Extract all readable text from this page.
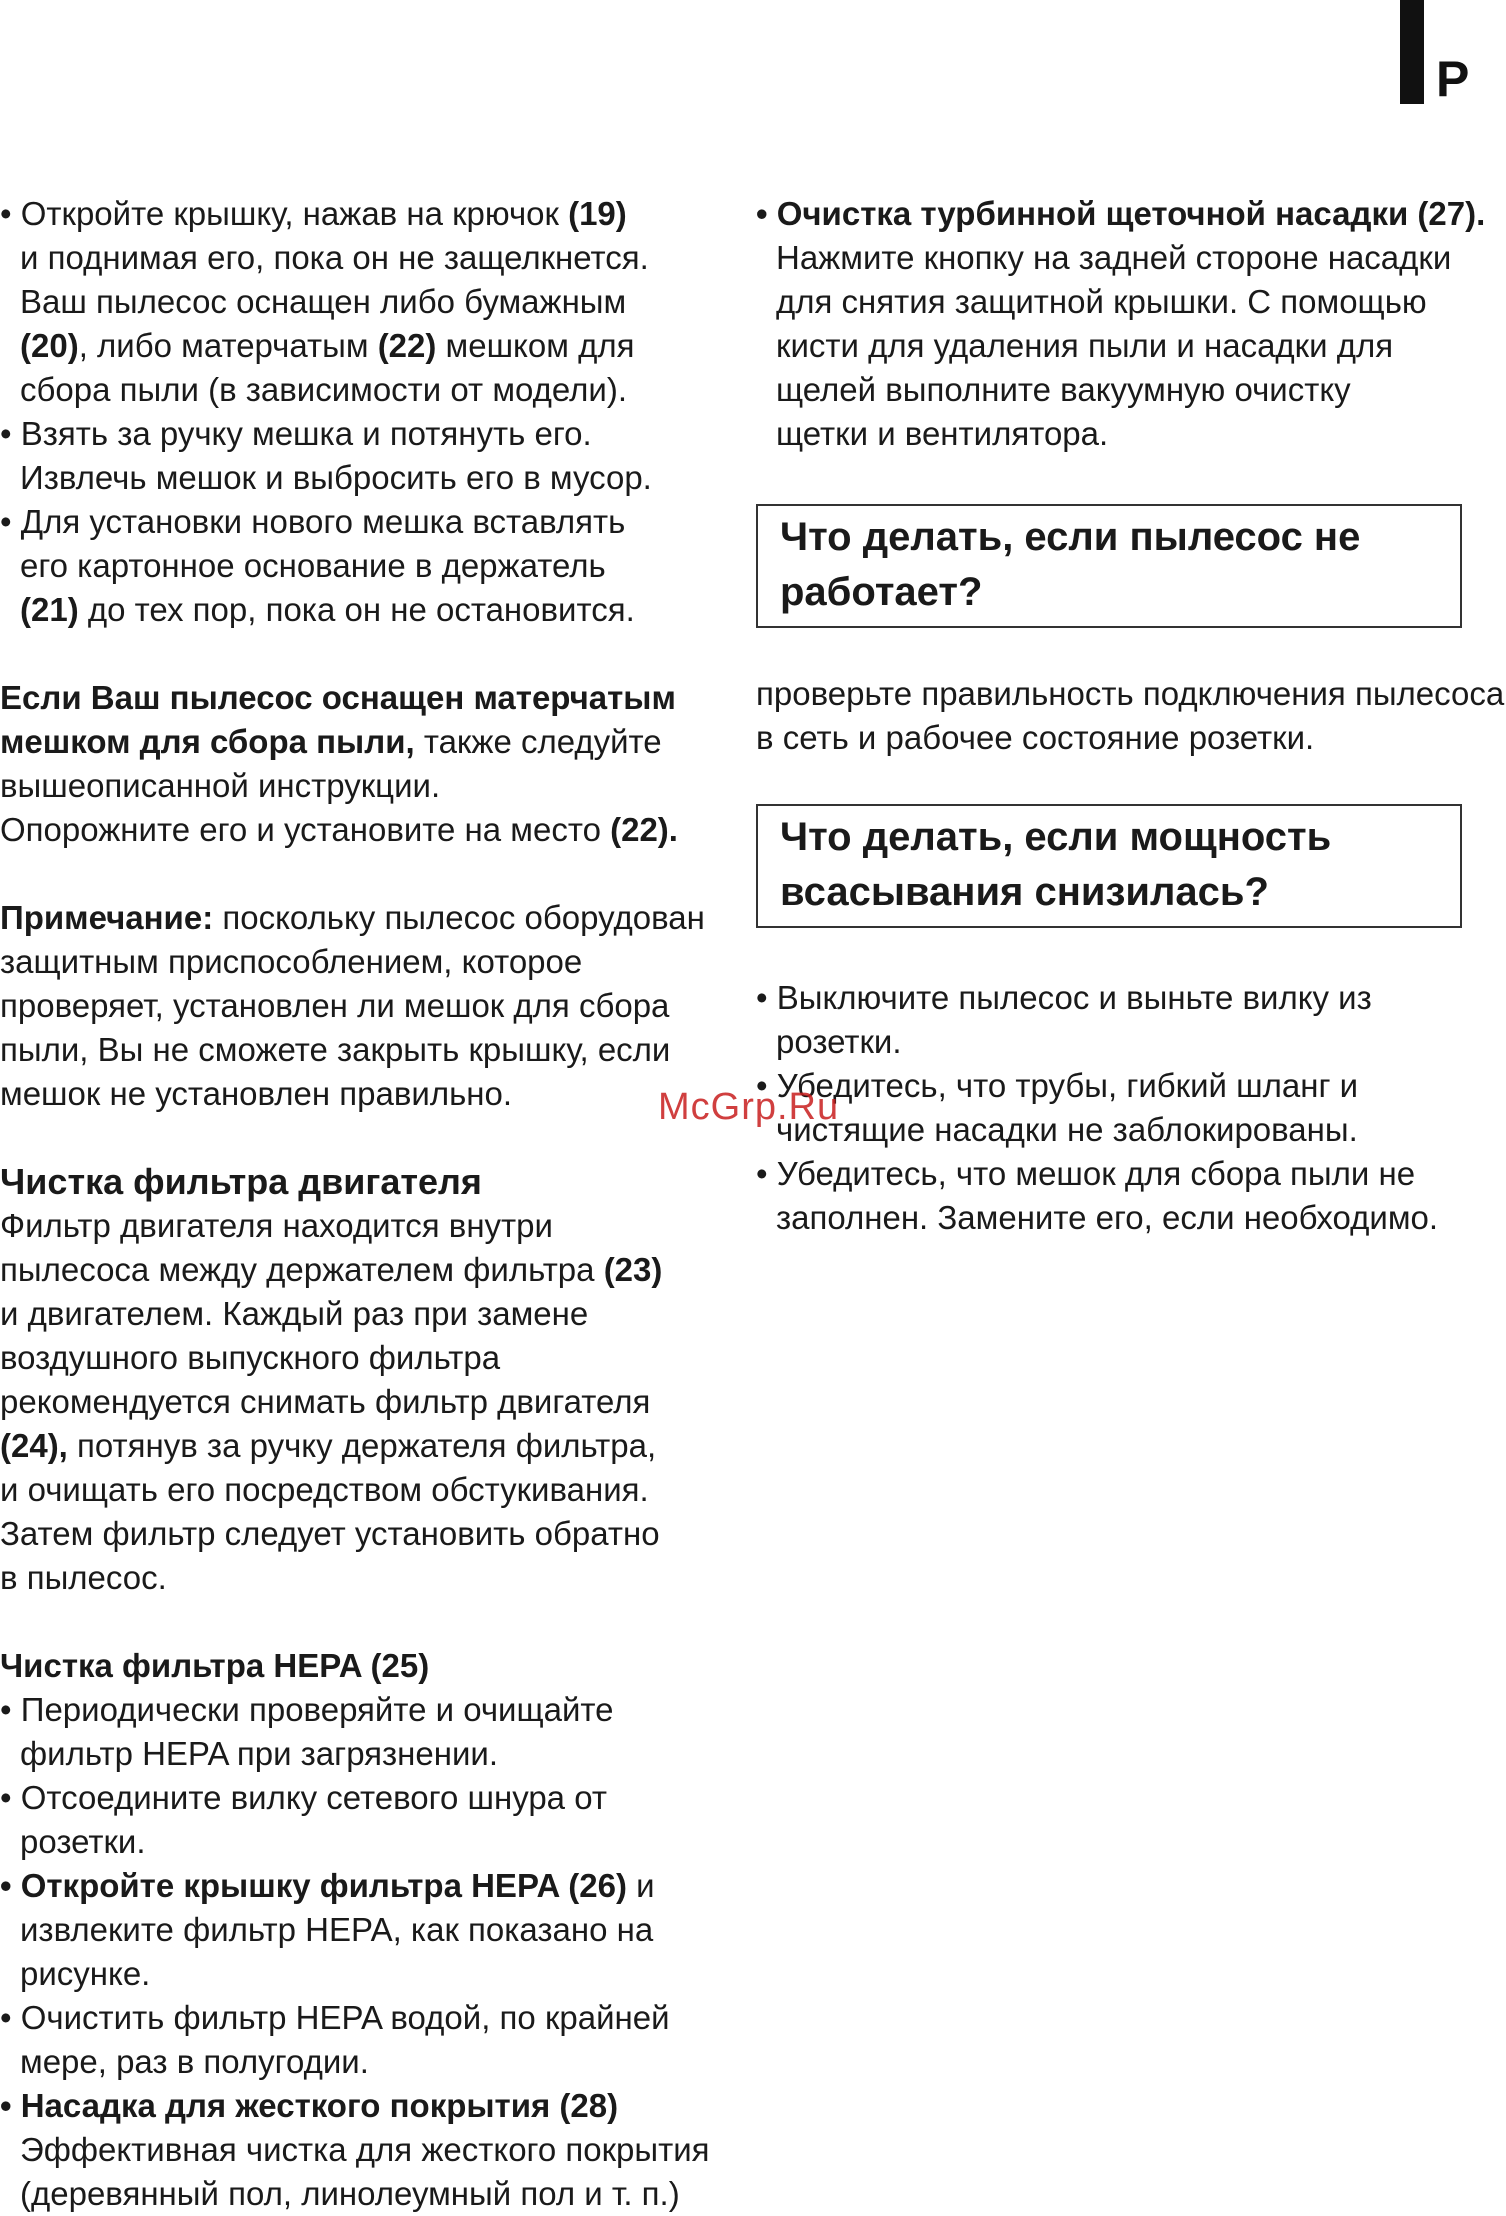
P

• Откройте крышку, нажав на крючок (19)
и поднимая его, пока он не защелкнется.
Ваш пылесос оснащен либо бумажным
(20), либо матерчатым (22) мешком для
сбора пыли (в зависимости от модели).

• Взять за ручку мешка и потянуть его.
Извлечь мешок и выбросить его в мусор.

• Для установки нового мешка вставлять
его картонное основание в держатель
(21) до тех пор, пока он не остановится.

Если Ваш пылесос оснащен матерчатым
мешком для сбора пыли, также следуйте
вышеописанной инструкции.
Опорожните его и установите на место (22).

Примечание: поскольку пылесос оборудован
защитным приспособлением, которое
проверяет, установлен ли мешок для сбора
пыли, Вы не сможете закрыть крышку, если
мешок не установлен правильно.

Чистка фильтра двигателя

Фильтр двигателя находится внутри
пылесоса между держателем фильтра (23)
и двигателем. Каждый раз при замене
воздушного выпускного фильтра
рекомендуется снимать фильтр двигателя
(24), потянув за ручку держателя фильтра,
и очищать его посредством обстукивания.
Затем фильтр следует установить обратно
в пылесос.

Чистка фильтра HEPA (25)

• Периодически проверяйте и очищайте
фильтр HEPA при загрязнении.

• Отсоедините вилку сетевого шнура от
розетки.

• Откройте крышку фильтра HEPA (26) и
извлеките фильтр HEPA, как показано на
рисунке.

• Очистить фильтр HEPA водой, по крайней
мере, раз в полугодии.

• Насадка для жесткого покрытия (28)
Эффективная чистка для жесткого покрытия
(деревянный пол, линолеумный пол и т. п.)

• Очистка турбинной щеточной насадки (27).
Нажмите кнопку на задней стороне насадки
для снятия защитной крышки. С помощью
кисти для удаления пыли и насадки для
щелей выполните вакуумную очистку
щетки и вентилятора.

Что делать, если пылесос не
работает?

проверьте правильность подключения пылесоса
в сеть и рабочее состояние розетки.

Что делать, если мощность
всасывания снизилась?

• Выключите пылесос и выньте вилку из
розетки.

• Убедитесь, что трубы, гибкий шланг и
чистящие насадки не заблокированы.

• Убедитесь, что мешок для сбора пыли не
заполнен. Замените его, если необходимо.

McGrp.Ru
